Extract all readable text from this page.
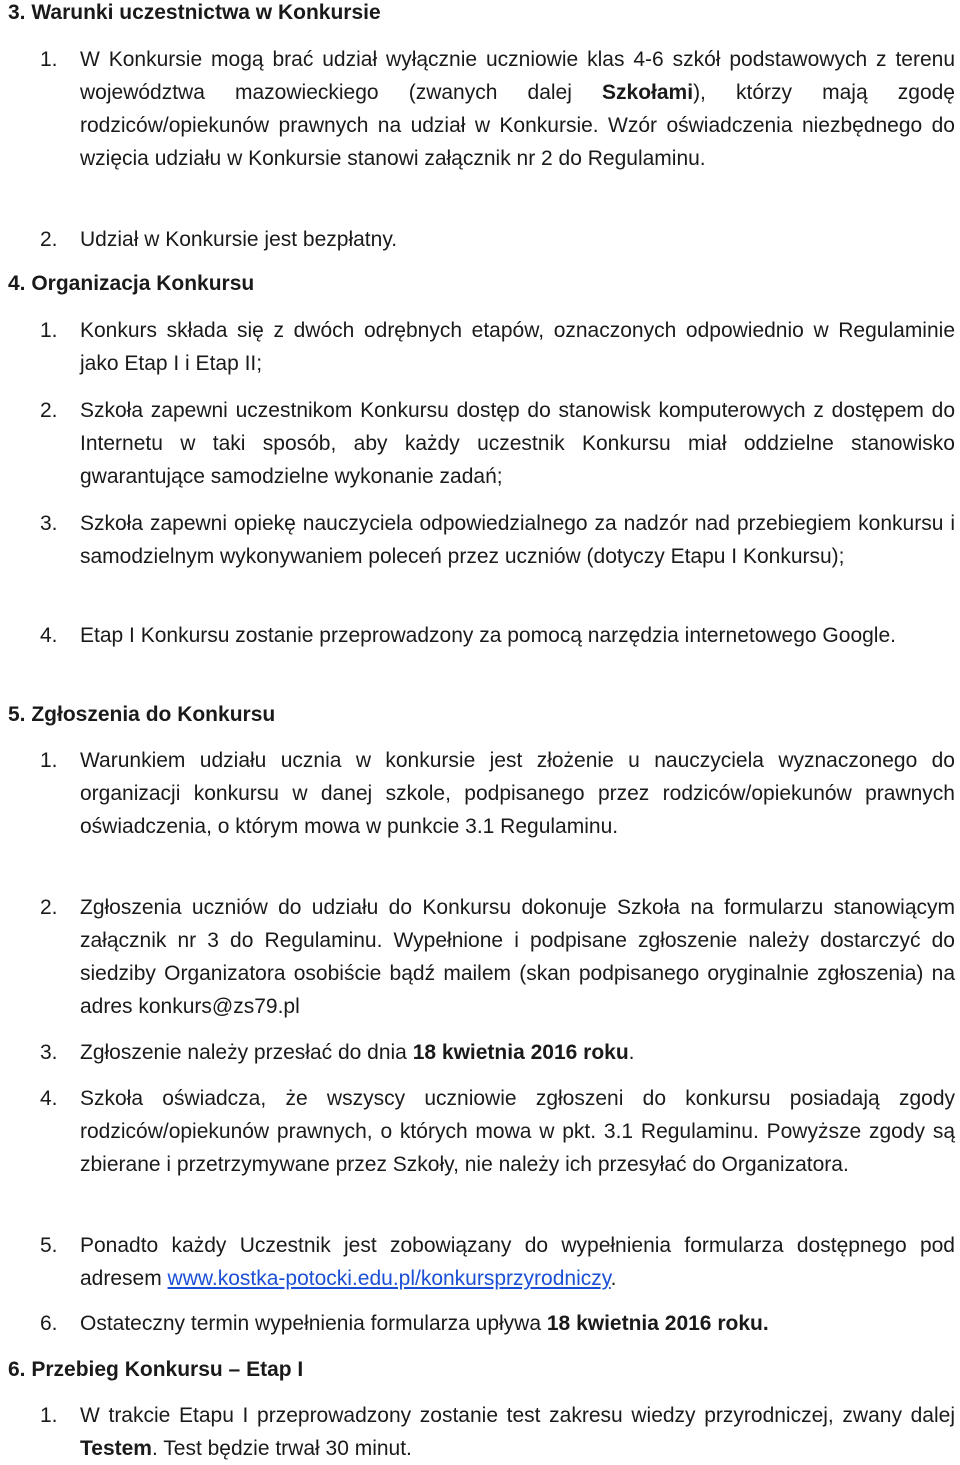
3. Warunki uczestnictwa w Konkursie
1. W Konkursie mogą brać udział wyłącznie uczniowie klas 4-6 szkół podstawowych z terenu województwa mazowieckiego (zwanych dalej Szkołami), którzy mają zgodę rodziców/opiekunów prawnych na udział w Konkursie. Wzór oświadczenia niezbędnego do wzięcia udziału w Konkursie stanowi załącznik nr 2 do Regulaminu.

2. Udział w Konkursie jest bezpłatny.

4. Organizacja Konkursu
1. Konkurs składa się z dwóch odrębnych etapów, oznaczonych odpowiednio w Regulaminie jako Etap I i Etap II;

2. Szkoła zapewni uczestnikom Konkursu dostęp do stanowisk komputerowych z dostępem do Internetu w taki sposób, aby każdy uczestnik Konkursu miał oddzielne stanowisko gwarantujące samodzielne wykonanie zadań;

3. Szkoła zapewni opiekę nauczyciela odpowiedzialnego za nadzór nad przebiegiem konkursu i samodzielnym wykonywaniem poleceń przez uczniów (dotyczy Etapu I Konkursu);

4. Etap I Konkursu zostanie przeprowadzony za pomocą narzędzia internetowego Google.

5. Zgłoszenia do Konkursu
1. Warunkiem udziału ucznia w konkursie jest złożenie u nauczyciela wyznaczonego do organizacji konkursu w danej szkole, podpisanego przez rodziców/opiekunów prawnych oświadczenia, o którym mowa w punkcie 3.1 Regulaminu.

2. Zgłoszenia uczniów do udziału do Konkursu dokonuje Szkoła na formularzu stanowiącym załącznik nr 3 do Regulaminu. Wypełnione i podpisane zgłoszenie należy dostarczyć do siedziby Organizatora osobiście bądź mailem (skan podpisanego oryginalnie zgłoszenia) na adres konkurs@zs79.pl

3. Zgłoszenie należy przesłać do dnia 18 kwietnia 2016 roku.

4. Szkoła oświadcza, że wszyscy uczniowie zgłoszeni do konkursu posiadają zgody rodziców/opiekunów prawnych, o których mowa w pkt. 3.1 Regulaminu. Powyższe zgody są zbierane i przetrzymywane przez Szkoły, nie należy ich przesyłać do Organizatora.

5. Ponadto każdy Uczestnik jest zobowiązany do wypełnienia formularza dostępnego pod adresem www.kostka-potocki.edu.pl/konkursprzyrodniczy.

6. Ostateczny termin wypełnienia formularza upływa 18 kwietnia 2016 roku.

6. Przebieg Konkursu – Etap I
1. W trakcie Etapu I przeprowadzony zostanie test zakresu wiedzy przyrodniczej, zwany dalej Testem. Test będzie trwał 30 minut.
